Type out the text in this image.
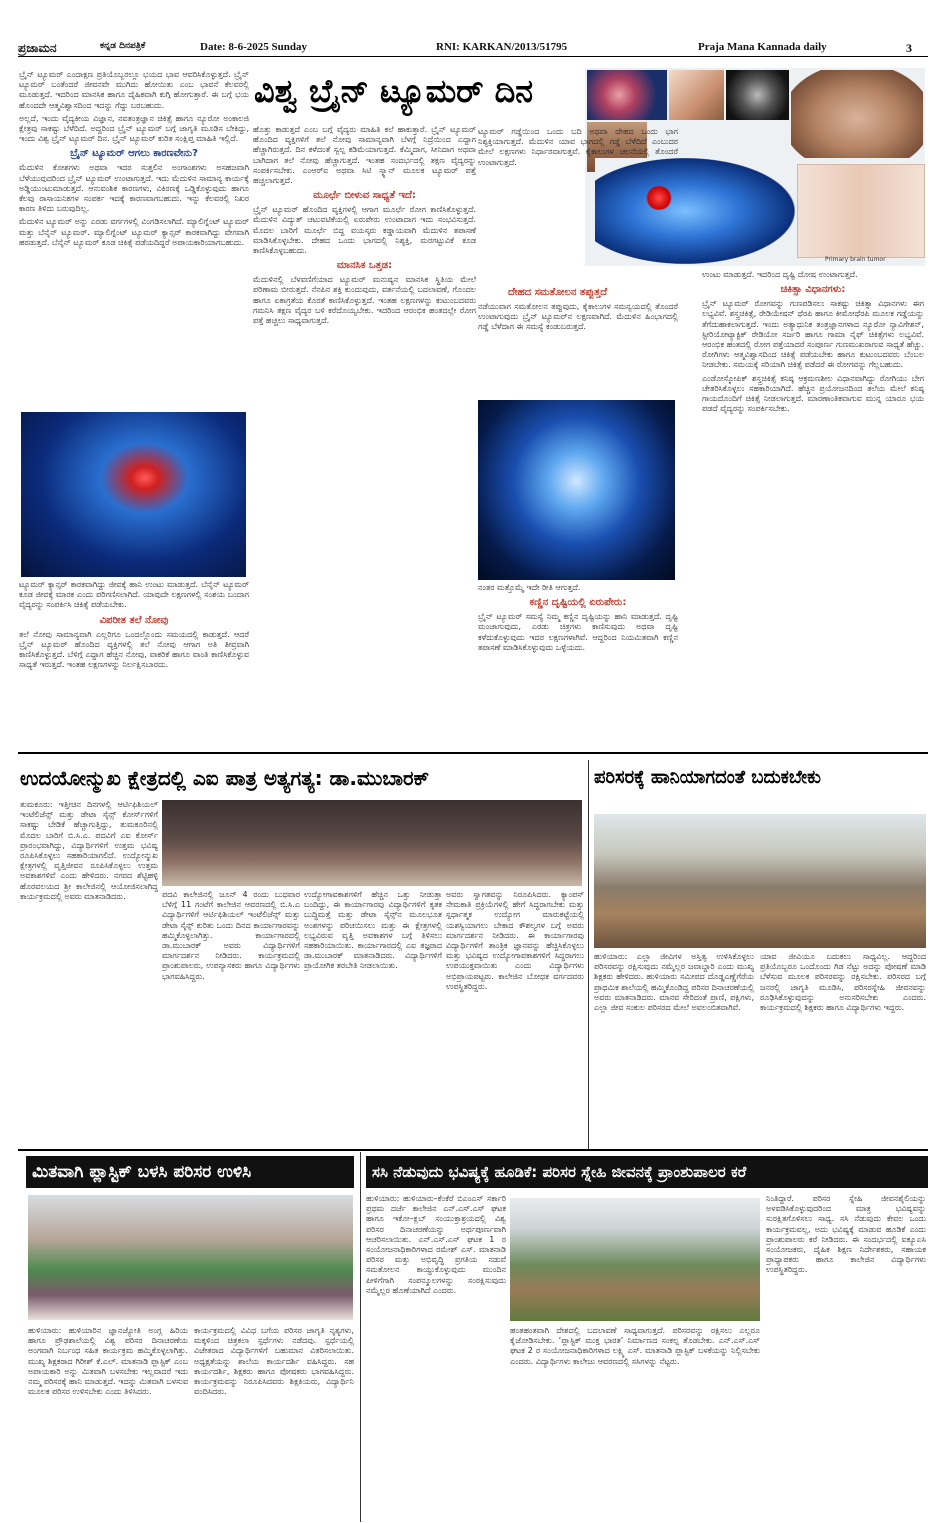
ಪ್ರಜಾಮನ	ಕನ್ನಡ ದಿನಪತ್ರಿಕೆ	Date: 8-6-2025 Sunday	RNI: KARKAN/2013/51795	Praja Mana Kannada daily	3
ವಿಶ್ವ ಬ್ರೈನ್ ಟ್ಯೂಮರ್ ದಿನ
Primary brain tumor

ಬ್ರೈನ್ ಟ್ಯೂಮರ್ ಎಂದಾಕ್ಷಣ ಪ್ರತಿಯೊಬ್ಬರಲ್ಲೂ ಭಯದ ಭಾವ ಆವರಿಸಿಕೊಳ್ಳುತ್ತದೆ. ಬ್ರೈನ್ ಟ್ಯೂಮರ್ ಬಂತೆಂದರೆ ಜೀವನವೇ ಮುಗಿದು ಹೋಯಿತು ಎಂಬ ಭಾವನೆ ಕೆಲವರಲ್ಲಿ ಮೂಡುತ್ತದೆ. ಇದರಿಂದ ಮಾನಸಿಕ ಹಾಗೂ ದೈಹಿಕವಾಗಿ ಕುಗ್ಗಿ ಹೋಗುತ್ತಾರೆ. ಈ ಬಗ್ಗೆ ಭಯ ಹೊಂದದೇ ಆತ್ಮವಿಶ್ವಾಸದಿಂದ ಇದನ್ನು ಗೆದ್ದು ಬರಬಹುದು.

ಅಲ್ಲದೆ, ಇಂದು ವೈದ್ಯಕೀಯ ವಿಜ್ಞಾನ, ನವತಂತ್ರಜ್ಞಾನ ಚಿಕಿತ್ಸೆ ಹಾಗೂ ನ್ಯೂರೋ ಅಂಕಾಲಜಿ ಕ್ಷೇತ್ರವು ಸಾಕಷ್ಟು ಬೆಳೆದಿದೆ. ಅದ್ದರಿಂದ ಬ್ರೈನ್ ಟ್ಯೂಮರ್ ಬಗ್ಗೆ ಜಾಗೃತಿ ಮೂಡಿಸ ಬೇಕಿದ್ದು, ಇಂದು ವಿಶ್ವ ಬ್ರೈನ್ ಟ್ಯೂಮರ್ ದಿನ. ಬ್ರೈನ್ ಟ್ಯೂಮರ್ ಕುರಿತ ಸಂಕ್ಷಿಪ್ತ ಮಾಹಿತಿ ಇಲ್ಲಿದೆ.

ಬ್ರೈನ್ ಟ್ಯೂಮರ್ ಆಗಲು ಕಾರಣವೇನು?

ಮೆದುಳಿನ ಕೋಶಗಳು ಅಥವಾ ಇದರ ಸುತ್ತಲಿನ ಅಂಗಾಂಶಗಳು ಅಸಹಜವಾಗಿ ಬೆಳೆಯುವುದರಿಂದ ಬ್ರೈನ್ ಟ್ಯೂಮರ್ ಉಂಟಾಗುತ್ತದೆ. ಇದು ಮೆದುಳಿನ ಸಾಮಾನ್ಯ ಕಾರ್ಯಕ್ಕೆ ಅಡ್ಡಿಯುಂಟುಮಾಡುತ್ತದೆ. ಆನುವಂಶಿಕ ಕಾರಣಗಳು, ವಿಕಿರಣಕ್ಕೆ ಒಡ್ಡಿಕೊಳ್ಳುವುದು ಹಾಗೂ ಕೆಲವು ರಾಸಾಯನಿಕಗಳ ಸಂಪರ್ಕ ಇದಕ್ಕೆ ಕಾರಣವಾಗಬಹುದು. ಇನ್ನು ಕೆಲವರಲ್ಲಿ ನಿಖರ ಕಾರಣ ತಿಳಿದು ಬರುವುದಿಲ್ಲ.

ಮೆದುಳಿನ ಟ್ಯೂಮರ್ ಅನ್ನು ಎರಡು ವರ್ಗಗಳಲ್ಲಿ ವಿಂಗಡಿಸಲಾಗಿದೆ. ಮ್ಯಾಲಿಗ್ನೆಂಟ್ ಟ್ಯೂಮರ್ ಮತ್ತು ಬೆನೈನ್ ಟ್ಯೂಮರ್. ಮ್ಯಾಲಿಗ್ನೆಂಟ್ ಟ್ಯೂಮರ್ ಕ್ಯಾನ್ಸರ್ ಕಾರಕವಾಗಿದ್ದು ವೇಗವಾಗಿ ಹರಡುತ್ತದೆ. ಬೆನೈನ್ ಟ್ಯೂಮರ್ ಕೂಡ ಚಿಕಿತ್ಸೆ ಪಡೆಯದಿದ್ದರೆ ಅಪಾಯಕಾರಿಯಾಗಬಹುದು.

ಟ್ಯೂಮರ್ ಕ್ಯಾನ್ಸರ್ ಕಾರಕವಾಗಿದ್ದು ಜೀವಕ್ಕೆ ಹಾನಿ ಉಂಟು ಮಾಡುತ್ತದೆ. ಬೆನೈನ್ ಟ್ಯೂಮರ್ ಕೂಡ ಜೀವಕ್ಕೆ ಮಾರಕ ಎಂದು ಪರಿಗಣಿಸಲಾಗಿದೆ. ಯಾವುದೇ ಲಕ್ಷಣಗಳಲ್ಲಿ ಸಂಶಯ ಬಂದಾಗ ವೈದ್ಯರನ್ನು ಸಂಪರ್ಕಿಸಿ ಚಿಕಿತ್ಸೆ ಪಡೆಯಬೇಕು.

ವಿಪರೀತ ತಲೆ ನೋವು

ತಲೆ ನೋವು ಸಾಮಾನ್ಯವಾಗಿ ಎಲ್ಲರಿಗೂ ಒಂದಲ್ಲೊಂದು ಸಮಯದಲ್ಲಿ ಕಾಡುತ್ತದೆ. ಆದರೆ ಬ್ರೈನ್ ಟ್ಯೂಮರ್ ಹೊಂದಿದ ವ್ಯಕ್ತಿಗಳಲ್ಲಿ ತಲೆ ನೋವು ಆಗಾಗ ಅತಿ ತೀವ್ರವಾಗಿ ಕಾಣಿಸಿಕೊಳ್ಳುತ್ತದೆ. ಬೆಳಿಗ್ಗೆ ಎದ್ದಾಗ ಹೆಚ್ಚಿನ ನೋವು, ವಾಕರಿಕೆ ಹಾಗೂ ವಾಂತಿ ಕಾಣಿಸಿಕೊಳ್ಳುವ ಸಾಧ್ಯತೆ ಇರುತ್ತದೆ. ಇಂತಹ ಲಕ್ಷಣಗಳನ್ನು ನಿರ್ಲಕ್ಷಿಸಬಾರದು.

ಹೊತ್ತು ಕಾಡುತ್ತದೆ ಎಂಬ ಬಗ್ಗೆ ವೈದ್ಯರು ಮಾಹಿತಿ ಕಲೆ ಹಾಕುತ್ತಾರೆ. ಬ್ರೈನ್ ಟ್ಯೂಮರ್ ಹೊಂದಿದ ವ್ಯಕ್ತಿಗಳಿಗೆ ತಲೆ ನೋವು ಸಾಮಾನ್ಯವಾಗಿ ಬೆಳಗ್ಗೆ ನಿದ್ರೆಯಿಂದ ಎದ್ದಾಗ ಹೆಚ್ಚಾಗಿರುತ್ತದೆ. ದಿನ ಕಳೆದಂತೆ ಸ್ವಲ್ಪ ಕಡಿಮೆಯಾಗುತ್ತದೆ. ಕೆಮ್ಮಿದಾಗ, ಸೀನಿದಾಗ ಅಥವಾ ಬಾಗಿದಾಗ ತಲೆ ನೋವು ಹೆಚ್ಚಾಗುತ್ತದೆ. ಇಂತಹ ಸಂದರ್ಭದಲ್ಲಿ ತಕ್ಷಣ ವೈದ್ಯರನ್ನು ಸಂಪರ್ಕಿಸಬೇಕು. ಎಂಆರ್‌ಐ ಅಥವಾ ಸಿಟಿ ಸ್ಕ್ಯಾನ್ ಮೂಲಕ ಟ್ಯೂಮರ್ ಪತ್ತೆ ಹಚ್ಚಲಾಗುತ್ತದೆ.

ಮೂರ್ಛೆ ಬೀಳುವ ಸಾಧ್ಯತೆ ಇದೆ:

ಬ್ರೈನ್ ಟ್ಯೂಮರ್ ಹೊಂದಿದ ವ್ಯಕ್ತಿಗಳಲ್ಲಿ ಆಗಾಗ ಮೂರ್ಛೆ ರೋಗ ಕಾಣಿಸಿಕೊಳ್ಳುತ್ತದೆ. ಮೆದುಳಿನ ವಿದ್ಯುತ್ ಚಟುವಟಿಕೆಯಲ್ಲಿ ಏರುಪೇರು ಉಂಟಾದಾಗ ಇದು ಸಂಭವಿಸುತ್ತದೆ. ಮೊದಲ ಬಾರಿಗೆ ಮೂರ್ಛೆ ಬಿದ್ದ ವಯಸ್ಕರು ಕಡ್ಡಾಯವಾಗಿ ಮೆದುಳಿನ ತಪಾಸಣೆ ಮಾಡಿಸಿಕೊಳ್ಳಬೇಕು. ದೇಹದ ಒಂದು ಭಾಗದಲ್ಲಿ ನಿಶ್ಯಕ್ತಿ, ಮರಗಟ್ಟುವಿಕೆ ಕೂಡ ಕಾಣಿಸಿಕೊಳ್ಳಬಹುದು.

ಮಾನಸಿಕ ಒತ್ತಡ:

ಮೆದುಳಿನಲ್ಲಿ ಬೆಳವಣಿಗೆಯಾದ ಟ್ಯೂಮರ್ ಮನುಷ್ಯನ ಮಾನಸಿಕ ಸ್ಥಿತಿಯ ಮೇಲೆ ಪರಿಣಾಮ ಬೀರುತ್ತದೆ. ನೆನಪಿನ ಶಕ್ತಿ ಕುಂದುವುದು, ವರ್ತನೆಯಲ್ಲಿ ಬದಲಾವಣೆ, ಗೊಂದಲ ಹಾಗೂ ಏಕಾಗ್ರತೆಯ ಕೊರತೆ ಕಾಣಿಸಿಕೊಳ್ಳುತ್ತದೆ. ಇಂತಹ ಲಕ್ಷಣಗಳನ್ನು ಕುಟುಂಬದವರು ಗಮನಿಸಿ ತಕ್ಷಣ ವೈದ್ಯರ ಬಳಿ ಕರೆದೊಯ್ಯಬೇಕು. ಇದರಿಂದ ಆರಂಭಿಕ ಹಂತದಲ್ಲೇ ರೋಗ ಪತ್ತೆ ಹಚ್ಚಲು ಸಾಧ್ಯವಾಗುತ್ತದೆ.

ಟ್ಯೂಮರ್ ಗಡ್ಡೆಯಿಂದ ಒಂದು ಬದಿ ಅಥವಾ ದೇಹದ ಒಂದು ಭಾಗ ನಿಶ್ಯಕ್ತಿಯಾಗುತ್ತದೆ. ಮೆದುಳಿನ ಯಾವ ಭಾಗದಲ್ಲಿ ಗಡ್ಡೆ ಬೆಳೆದಿದೆ ಎಂಬುದರ ಮೇಲೆ ಲಕ್ಷಣಗಳು ನಿರ್ಧಾರವಾಗುತ್ತವೆ. ಕೈಕಾಲುಗಳ ಚಲನೆಯಲ್ಲಿ ತೊಂದರೆ ಉಂಟಾಗುತ್ತದೆ.

ದೇಹದ ಸಮತೋಲನ ತಪ್ಪುತ್ತದೆ

ನಡೆಯುವಾಗ ಸಮತೋಲನ ತಪ್ಪುವುದು, ಕೈಕಾಲುಗಳ ಸಮನ್ವಯದಲ್ಲಿ ತೊಂದರೆ ಉಂಟಾಗುವುದು ಬ್ರೈನ್ ಟ್ಯೂಮರ್‌ನ ಲಕ್ಷಣವಾಗಿದೆ. ಮೆದುಳಿನ ಹಿಂಭಾಗದಲ್ಲಿ ಗಡ್ಡೆ ಬೆಳೆದಾಗ ಈ ಸಮಸ್ಯೆ ಕಂಡುಬರುತ್ತದೆ.

ನಂತರ ಮತ್ತೊಮ್ಮೆ ಇದೇ ರೀತಿ ಆಗುತ್ತದೆ.

ಕಣ್ಣಿನ ದೃಷ್ಟಿಯಲ್ಲಿ ಏರುಪೇರು:

ಬ್ರೈನ್ ಟ್ಯೂಮರ್ ಸಮಸ್ಯೆ ನಿಮ್ಮ ಕಣ್ಣಿನ ದೃಷ್ಟಿಯನ್ನು ಹಾನಿ ಮಾಡುತ್ತದೆ. ದೃಷ್ಟಿ ಮಂಜಾಗುವುದು, ಎರಡು ಚಿತ್ರಗಳು ಕಾಣಿಸುವುದು ಅಥವಾ ದೃಷ್ಟಿ ಕಳೆದುಕೊಳ್ಳುವುದು ಇದರ ಲಕ್ಷಣಗಳಾಗಿವೆ. ಆದ್ದರಿಂದ ನಿಯಮಿತವಾಗಿ ಕಣ್ಣಿನ ತಪಾಸಣೆ ಮಾಡಿಸಿಕೊಳ್ಳುವುದು ಒಳ್ಳೆಯದು.

ಉಂಟು ಮಾಡುತ್ತದೆ. ಇದರಿಂದ ದೃಷ್ಟಿ ದೋಷ ಉಂಟಾಗುತ್ತದೆ.

ಚಿಕಿತ್ಸಾ ವಿಧಾನಗಳು:

ಬ್ರೈನ್ ಟ್ಯೂಮರ್ ರೋಗವನ್ನು ಗುಣಪಡಿಸಲು ಸಾಕಷ್ಟು ಚಿಕಿತ್ಸಾ ವಿಧಾನಗಳು ಈಗ ಲಭ್ಯವಿವೆ. ಶಸ್ತ್ರಚಿಕಿತ್ಸೆ, ರೇಡಿಯೇಷನ್ ಥೆರಪಿ ಹಾಗೂ ಕೀಮೋಥೆರಪಿ ಮೂಲಕ ಗಡ್ಡೆಯನ್ನು ತೆಗೆದುಹಾಕಲಾಗುತ್ತದೆ. ಇಂದು ಅತ್ಯಾಧುನಿಕ ತಂತ್ರಜ್ಞಾನಗಳಾದ ನ್ಯೂರೋ ನ್ಯಾವಿಗೇಶನ್, ಸ್ಟೀರಿಯೋಟ್ಯಾಕ್ಟಿಕ್ ರೇಡಿಯೋ ಸರ್ಜರಿ ಹಾಗೂ ಗಾಮಾ ನೈಫ್ ಚಿಕಿತ್ಸೆಗಳು ಲಭ್ಯವಿವೆ. ಆರಂಭಿಕ ಹಂತದಲ್ಲಿ ರೋಗ ಪತ್ತೆಯಾದರೆ ಸಂಪೂರ್ಣ ಗುಣಮುಖರಾಗುವ ಸಾಧ್ಯತೆ ಹೆಚ್ಚು. ರೋಗಿಗಳು ಆತ್ಮವಿಶ್ವಾಸದಿಂದ ಚಿಕಿತ್ಸೆ ಪಡೆಯಬೇಕು ಹಾಗೂ ಕುಟುಂಬದವರು ಬೆಂಬಲ ನೀಡಬೇಕು. ಸಮಯಕ್ಕೆ ಸರಿಯಾಗಿ ಚಿಕಿತ್ಸೆ ಪಡೆದರೆ ಈ ರೋಗವನ್ನು ಗೆಲ್ಲಬಹುದು.

ಎಂಡೋಸ್ಕೋಪಿಕ್ ಶಸ್ತ್ರಚಿಕಿತ್ಸೆ ಕನಿಷ್ಠ ಆಕ್ರಮಣಶೀಲ ವಿಧಾನವಾಗಿದ್ದು ರೋಗಿಯು ಬೇಗ ಚೇತರಿಸಿಕೊಳ್ಳಲು ಸಹಕಾರಿಯಾಗಿದೆ. ಹೆಚ್ಚಿನ ಪ್ರಯೋಜನದಿಂದ ತಲೆಯ ಮೇಲೆ ಕನಿಷ್ಠ ಗಾಯದೊಂದಿಗೆ ಚಿಕಿತ್ಸೆ ನೀಡಲಾಗುತ್ತದೆ. ಮಾರಣಾಂತಿಕವಾಗುವ ಮುನ್ನ ಯಾರೂ ಭಯ ಪಡದೆ ವೈದ್ಯರನ್ನು ಸಂಪರ್ಕಿಸಬೇಕು.

ಉದಯೋನ್ಮುಖ ಕ್ಷೇತ್ರದಲ್ಲಿ ಎಐ ಪಾತ್ರ ಅತ್ಯಗತ್ಯ: ಡಾ.ಮುಬಾರಕ್

ತುಮಕೂರು: ಇತ್ತೀಚಿನ ದಿನಗಳಲ್ಲಿ ಆರ್ಟಿಫಿಶಿಯಲ್ ಇಂಟೆಲಿಜೆನ್ಸ್ ಮತ್ತು ಡೇಟಾ ಸೈನ್ಸ್ ಕೋರ್ಸ್‌ಗಳಿಗೆ ಸಾಕಷ್ಟು ಬೇಡಿಕೆ ಹೆಚ್ಚಾಗುತ್ತಿದ್ದು, ತುಮಕೂರಿನಲ್ಲಿ ಮೊದಲ ಬಾರಿಗೆ ಬಿ.ಸಿ.ಎ. ಪದವಿಗೆ ಎಐ ಕೋರ್ಸ್ ಪ್ರಾರಂಭವಾಗಿದ್ದು, ವಿದ್ಯಾರ್ಥಿಗಳಿಗೆ ಉತ್ತಮ ಭವಿಷ್ಯ ರೂಪಿಸಿಕೊಳ್ಳಲು ಸಹಕಾರಿಯಾಗಲಿದೆ. ಉದ್ಯೋನ್ಮುಖ ಕ್ಷೇತ್ರಗಳಲ್ಲಿ ವೃತ್ತಿಜೀವನ ರೂಪಿಸಿಕೊಳ್ಳಲು ಉತ್ತಮ ಅವಕಾಶಗಳಿವೆ ಎಂದು ಹೇಳಿದರು. ನಗರದ ಶೆಟ್ಟಿಹಳ್ಳಿ ಹೊರವಲಯದ ಶ್ರೀ ಕಾಲೇಜಿನಲ್ಲಿ ಆಯೋಜಿಸಲಾಗಿದ್ದ ಕಾರ್ಯಕ್ರಮದಲ್ಲಿ ಅವರು ಮಾತನಾಡಿದರು.	ಪದವಿ ಕಾಲೇಜಿನಲ್ಲಿ ಜೂನ್ 4 ರಂದು ಬುಧವಾರ ಬೆಳಿಗ್ಗೆ 11 ಗಂಟೆಗೆ ಕಾಲೇಜಿನ ಆವರಣದಲ್ಲಿ ಬಿ.ಸಿ.ಎ ವಿದ್ಯಾರ್ಥಿಗಳಿಗೆ ಆರ್ಟಿಫಿಶಿಯಲ್ ಇಂಟೆಲಿಜೆನ್ಸ್ ಮತ್ತು ಡೇಟಾ ಸೈನ್ಸ್ ಕುರಿತು ಒಂದು ದಿನದ ಕಾರ್ಯಾಗಾರವನ್ನು ಹಮ್ಮಿಕೊಳ್ಳಲಾಗಿತ್ತು. ಕಾರ್ಯಾಗಾರದಲ್ಲಿ ಡಾ.ಮುಬಾರಕ್ ಅವರು ವಿದ್ಯಾರ್ಥಿಗಳಿಗೆ ಮಾರ್ಗದರ್ಶನ ನೀಡಿದರು. ಕಾರ್ಯಕ್ರಮದಲ್ಲಿ ಪ್ರಾಂಶುಪಾಲರು, ಉಪನ್ಯಾಸಕರು ಹಾಗೂ ವಿದ್ಯಾರ್ಥಿಗಳು ಭಾಗವಹಿಸಿದ್ದರು.

ಉದ್ಯೋಗಾವಕಾಶಗಳಿಗೆ ಹೆಚ್ಚಿನ ಒತ್ತು ನೀಡುತ್ತಾ ಬಂದಿದ್ದು, ಈ ಕಾರ್ಯಾಗಾರವು ವಿದ್ಯಾರ್ಥಿಗಳಿಗೆ ಕೃತಕ ಬುದ್ಧಿಮತ್ತೆ ಮತ್ತು ಡೇಟಾ ಸೈನ್ಸ್‌ನ ಮೂಲಭೂತ ಅಂಶಗಳನ್ನು ಪರಿಚಯಿಸಲು ಮತ್ತು ಈ ಕ್ಷೇತ್ರಗಳಲ್ಲಿ ಲಭ್ಯವಿರುವ ವೃತ್ತಿ ಅವಕಾಶಗಳ ಬಗ್ಗೆ ತಿಳಿಸಲು ಸಹಕಾರಿಯಾಯಿತು. ಕಾರ್ಯಾಗಾರದಲ್ಲಿ ಎಐ ತಜ್ಞರಾದ ಡಾ.ಮುಬಾರಕ್ ಮಾತನಾಡಿದರು. ವಿದ್ಯಾರ್ಥಿಗಳಿಗೆ ಪ್ರಾಯೋಗಿಕ ತರಬೇತಿ ನೀಡಲಾಯಿತು.

ಅವರು ಸ್ವಾಗತವನ್ನು ನಿರೂಪಿಸಿದರು. ಕ್ಯಾಂಪಸ್ ನೇಮಕಾತಿ ಪ್ರಕ್ರಿಯೆಗಳಲ್ಲಿ ಹೇಗೆ ಸಿದ್ಧರಾಗಬೇಕು ಮತ್ತು ಸ್ಪರ್ಧಾತ್ಮಕ ಉದ್ಯೋಗ ಮಾರುಕಟ್ಟೆಯಲ್ಲಿ ಯಶಸ್ವಿಯಾಗಲು ಬೇಕಾದ ಕೌಶಲ್ಯಗಳ ಬಗ್ಗೆ ಅವರು ಮಾರ್ಗದರ್ಶನ ನೀಡಿದರು. ಈ ಕಾರ್ಯಾಗಾರವು ವಿದ್ಯಾರ್ಥಿಗಳಿಗೆ ತಾಂತ್ರಿಕ ಜ್ಞಾನವನ್ನು ಹೆಚ್ಚಿಸಿಕೊಳ್ಳಲು ಮತ್ತು ಭವಿಷ್ಯದ ಉದ್ಯೋಗಾವಕಾಶಗಳಿಗೆ ಸಿದ್ಧರಾಗಲು ಉಪಯುಕ್ತವಾಯಿತು ಎಂದು ವಿದ್ಯಾರ್ಥಿಗಳು ಅಭಿಪ್ರಾಯಪಟ್ಟರು. ಕಾಲೇಜಿನ ಬೋಧಕ ವರ್ಗದವರು ಉಪಸ್ಥಿತರಿದ್ದರು.

ಪರಿಸರಕ್ಕೆ ಹಾನಿಯಾಗದಂತೆ ಬದುಕಬೇಕು

ಹುಳಿಯಾರು: ಎಲ್ಲಾ ಜೀವಿಗಳ ಅಸ್ತಿತ್ವ ಉಳಿಸಿಕೊಳ್ಳಲು ಪರಿಸರವನ್ನು ರಕ್ಷಿಸುವುದು ನಮ್ಮೆಲ್ಲರ ಜವಾಬ್ದಾರಿ ಎಂದು ಮುಖ್ಯ ಶಿಕ್ಷಕರು ಹೇಳಿದರು. ಹುಳಿಯಾರು ಸಮೀಪದ ದೊಡ್ಡಎಣ್ಣೆಗೆರೆಯ ಪ್ರಾಥಮಿಕ ಶಾಲೆಯಲ್ಲಿ ಹಮ್ಮಿಕೊಂಡಿದ್ದ ಪರಿಸರ ದಿನಾಚರಣೆಯಲ್ಲಿ ಅವರು ಮಾತನಾಡಿದರು. ಮಾನವ ಸೇರಿದಂತೆ ಪ್ರಾಣಿ, ಪಕ್ಷಿಗಳು, ಎಲ್ಲಾ ಜೀವ ಸಂಕುಲ ಪರಿಸರದ ಮೇಲೆ ಅವಲಂಬಿತವಾಗಿವೆ.

ಯಾವ ಜೀವಿಯೂ ಬದುಕಲು ಸಾಧ್ಯವಿಲ್ಲ. ಆದ್ದರಿಂದ ಪ್ರತಿಯೊಬ್ಬರೂ ಒಂದೊಂದು ಗಿಡ ನೆಟ್ಟು ಅದನ್ನು ಪೋಷಣೆ ಮಾಡಿ ಬೆಳೆಸುವ ಮೂಲಕ ಪರಿಸರವನ್ನು ರಕ್ಷಿಸಬೇಕು. ಪರಿಸರದ ಬಗ್ಗೆ ಜನರಲ್ಲಿ ಜಾಗೃತಿ ಮೂಡಿಸಿ, ಪರಿಸರಸ್ನೇಹಿ ಜೀವನವನ್ನು ರೂಢಿಸಿಕೊಳ್ಳುವುದನ್ನು ಅನುಸರಿಸಬೇಕು ಎಂದರು. ಕಾರ್ಯಕ್ರಮದಲ್ಲಿ ಶಿಕ್ಷಕರು ಹಾಗೂ ವಿದ್ಯಾರ್ಥಿಗಳು ಇದ್ದರು.

ಮಿತವಾಗಿ ಪ್ಲಾಸ್ಟಿಕ್ ಬಳಸಿ ಪರಿಸರ ಉಳಿಸಿ

ಹುಳಿಯಾರು: ಹುಳಿಯಾರಿನ ಜ್ಞಾನಜ್ಯೋತಿ ಅಂಗ್ಲ ಹಿರಿಯ ಹಾಗೂ ಪ್ರೌಢಶಾಲೆಯಲ್ಲಿ ವಿಶ್ವ ಪರಿಸರ ದಿನಾಚರಣೆಯ ಅಂಗವಾಗಿ ನಿರ್ಬಂಧ ಸಹಿತ ಕಾರ್ಯಕ್ರಮ ಹಮ್ಮಿಕೊಳ್ಳಲಾಗಿತ್ತು. ಮುಖ್ಯ ಶಿಕ್ಷಕರಾದ ಗಿರೀಶ್ ಕೆ.ಎಲ್. ಮಾತನಾಡಿ ಪ್ಲಾಸ್ಟಿಕ್ ಎಂಬ ಅಪಾಯಕಾರಿ ಅನ್ನು ಮಿತವಾಗಿ ಬಳಸಬೇಕು ಇಲ್ಲವಾದರೆ ಇದು ನಮ್ಮ ಪರಿಸರಕ್ಕೆ ಹಾನಿ ಮಾಡುತ್ತದೆ. ಇದನ್ನು ಮಿತವಾಗಿ ಬಳಸುವ ಮೂಲಕ ಪರಿಸರ ಉಳಿಸಬೇಕು ಎಂದು ತಿಳಿಸಿದರು.

ಕಾರ್ಯಕ್ರಮದಲ್ಲಿ ವಿವಿಧ ಬಗೆಯ ಪರಿಸರ ಜಾಗೃತಿ ನೃತ್ಯಗಳು, ಮಕ್ಕಳಿಂದ ಚಿತ್ರಕಲಾ ಸ್ಪರ್ಧೆಗಳು ನಡೆದವು. ಸ್ಪರ್ಧೆಯಲ್ಲಿ ವಿಜೇತರಾದ ವಿದ್ಯಾರ್ಥಿಗಳಿಗೆ ಬಹುಮಾನ ವಿತರಿಸಲಾಯಿತು. ಅಧ್ಯಕ್ಷತೆಯನ್ನು ಶಾಲೆಯ ಕಾರ್ಯದರ್ಶಿ ವಹಿಸಿದ್ದರು. ಸಹ ಕಾರ್ಯದರ್ಶಿ, ಶಿಕ್ಷಕರು ಹಾಗೂ ಪೋಷಕರು ಭಾಗವಹಿಸಿದ್ದರು. ಕಾರ್ಯಕ್ರಮವನ್ನು ನಿರೂಪಿಸಿದವರು ಶಿಕ್ಷಕಿಯರು, ವಿದ್ಯಾರ್ಥಿನಿ ವಂದಿಸಿದರು.

ಸಸಿ ನೆಡುವುದು ಭವಿಷ್ಯಕ್ಕೆ ಹೂಡಿಕೆ: ಪರಿಸರ ಸ್ನೇಹಿ ಜೀವನಕ್ಕೆ ಪ್ರಾಂಶುಪಾಲರ ಕರೆ

ಹುಳಿಯಾರು: ಹುಳಿಯಾರು–ಕೆಂಕೆರೆ ಬಿಎಂಎಸ್ ಸರ್ಕಾರಿ ಪ್ರಥಮ ದರ್ಜೆ ಕಾಲೇಜಿನ ಎನ್.ಎಸ್.ಎಸ್ ಘಟಕ ಹಾಗೂ ಇಕೋ–ಕ್ಲಬ್ ಸಂಯುಕ್ತಾಶ್ರಯದಲ್ಲಿ ವಿಶ್ವ ಪರಿಸರ ದಿನಾಚರಣೆಯನ್ನು ಅರ್ಥಪೂರ್ಣವಾಗಿ ಆಚರಿಸಲಾಯಿತು. ಎನ್.ಎಸ್.ಎಸ್ ಘಟಕ 1 ರ ಸಂಯೋಜನಾಧಿಕಾರಿಗಳಾದ ರಮೇಶ್ ಎಸ್. ಮಾತನಾಡಿ ಪರಿಸರ ಮತ್ತು ಅಭಿವೃದ್ಧಿ ಪ್ರಗತಿಯ ನಡುವೆ ಸಮತೋಲನ ಕಾಯ್ದುಕೊಳ್ಳುವುದು ಮುಂದಿನ ಪೀಳಿಗೆಗಾಗಿ ಸಂಪನ್ಮೂಲಗಳನ್ನು ಸಂರಕ್ಷಿಸುವುದು ನಮ್ಮೆಲ್ಲರ ಹೊಣೆಯಾಗಿದೆ ಎಂದರು.

ಹಂತಹಂತವಾಗಿ ದೇಶದಲ್ಲಿ ಬದಲಾವಣೆ ಸಾಧ್ಯವಾಗುತ್ತದೆ. ಪರಿಸರವನ್ನು ರಕ್ಷಿಸಲು ಎಲ್ಲರೂ ಕೈಜೋಡಿಸಬೇಕು. ‘ಪ್ಲಾಸ್ಟಿಕ್ ಮುಕ್ತ ಭಾರತ’ ನಿರ್ಮಾಣದ ಸಂಕಲ್ಪ ತೊಡಬೇಕು. ಎನ್.ಎಸ್.ಎಸ್ ಘಟಕ 2 ರ ಸಂಯೋಜನಾಧಿಕಾರಿಗಳಾದ ಲಕ್ಷ್ಮಿ ಎಸ್. ಮಾತನಾಡಿ ಪ್ಲಾಸ್ಟಿಕ್ ಬಳಕೆಯನ್ನು ನಿಲ್ಲಿಸಬೇಕು ಎಂದರು. ವಿದ್ಯಾರ್ಥಿಗಳು ಕಾಲೇಜು ಆವರಣದಲ್ಲಿ ಸಸಿಗಳನ್ನು ನೆಟ್ಟರು.

ನಿಂತಿದ್ದಾರೆ. ಪರಿಸರ ಸ್ನೇಹಿ ಜೀವನಶೈಲಿಯನ್ನು ಅಳವಡಿಸಿಕೊಳ್ಳುವುದರಿಂದ ಮಾತ್ರ ಭವಿಷ್ಯವನ್ನು ಸುರಕ್ಷಿತಗೊಳಿಸಲು ಸಾಧ್ಯ. ಸಸಿ ನೆಡುವುದು ಕೇವಲ ಒಂದು ಕಾರ್ಯಕ್ರಮವಲ್ಲ, ಅದು ಭವಿಷ್ಯಕ್ಕೆ ಮಾಡುವ ಹೂಡಿಕೆ ಎಂದು ಪ್ರಾಂಶುಪಾಲರು ಕರೆ ನೀಡಿದರು. ಈ ಸಂದರ್ಭದಲ್ಲಿ ಐಕ್ಯೂಎಸಿ ಸಂಯೋಜಕರು, ದೈಹಿಕ ಶಿಕ್ಷಣ ನಿರ್ದೇಶಕರು, ಸಹಾಯಕ ಪ್ರಾಧ್ಯಾಪಕರು ಹಾಗೂ ಕಾಲೇಜಿನ ವಿದ್ಯಾರ್ಥಿಗಳು ಉಪಸ್ಥಿತರಿದ್ದರು.
